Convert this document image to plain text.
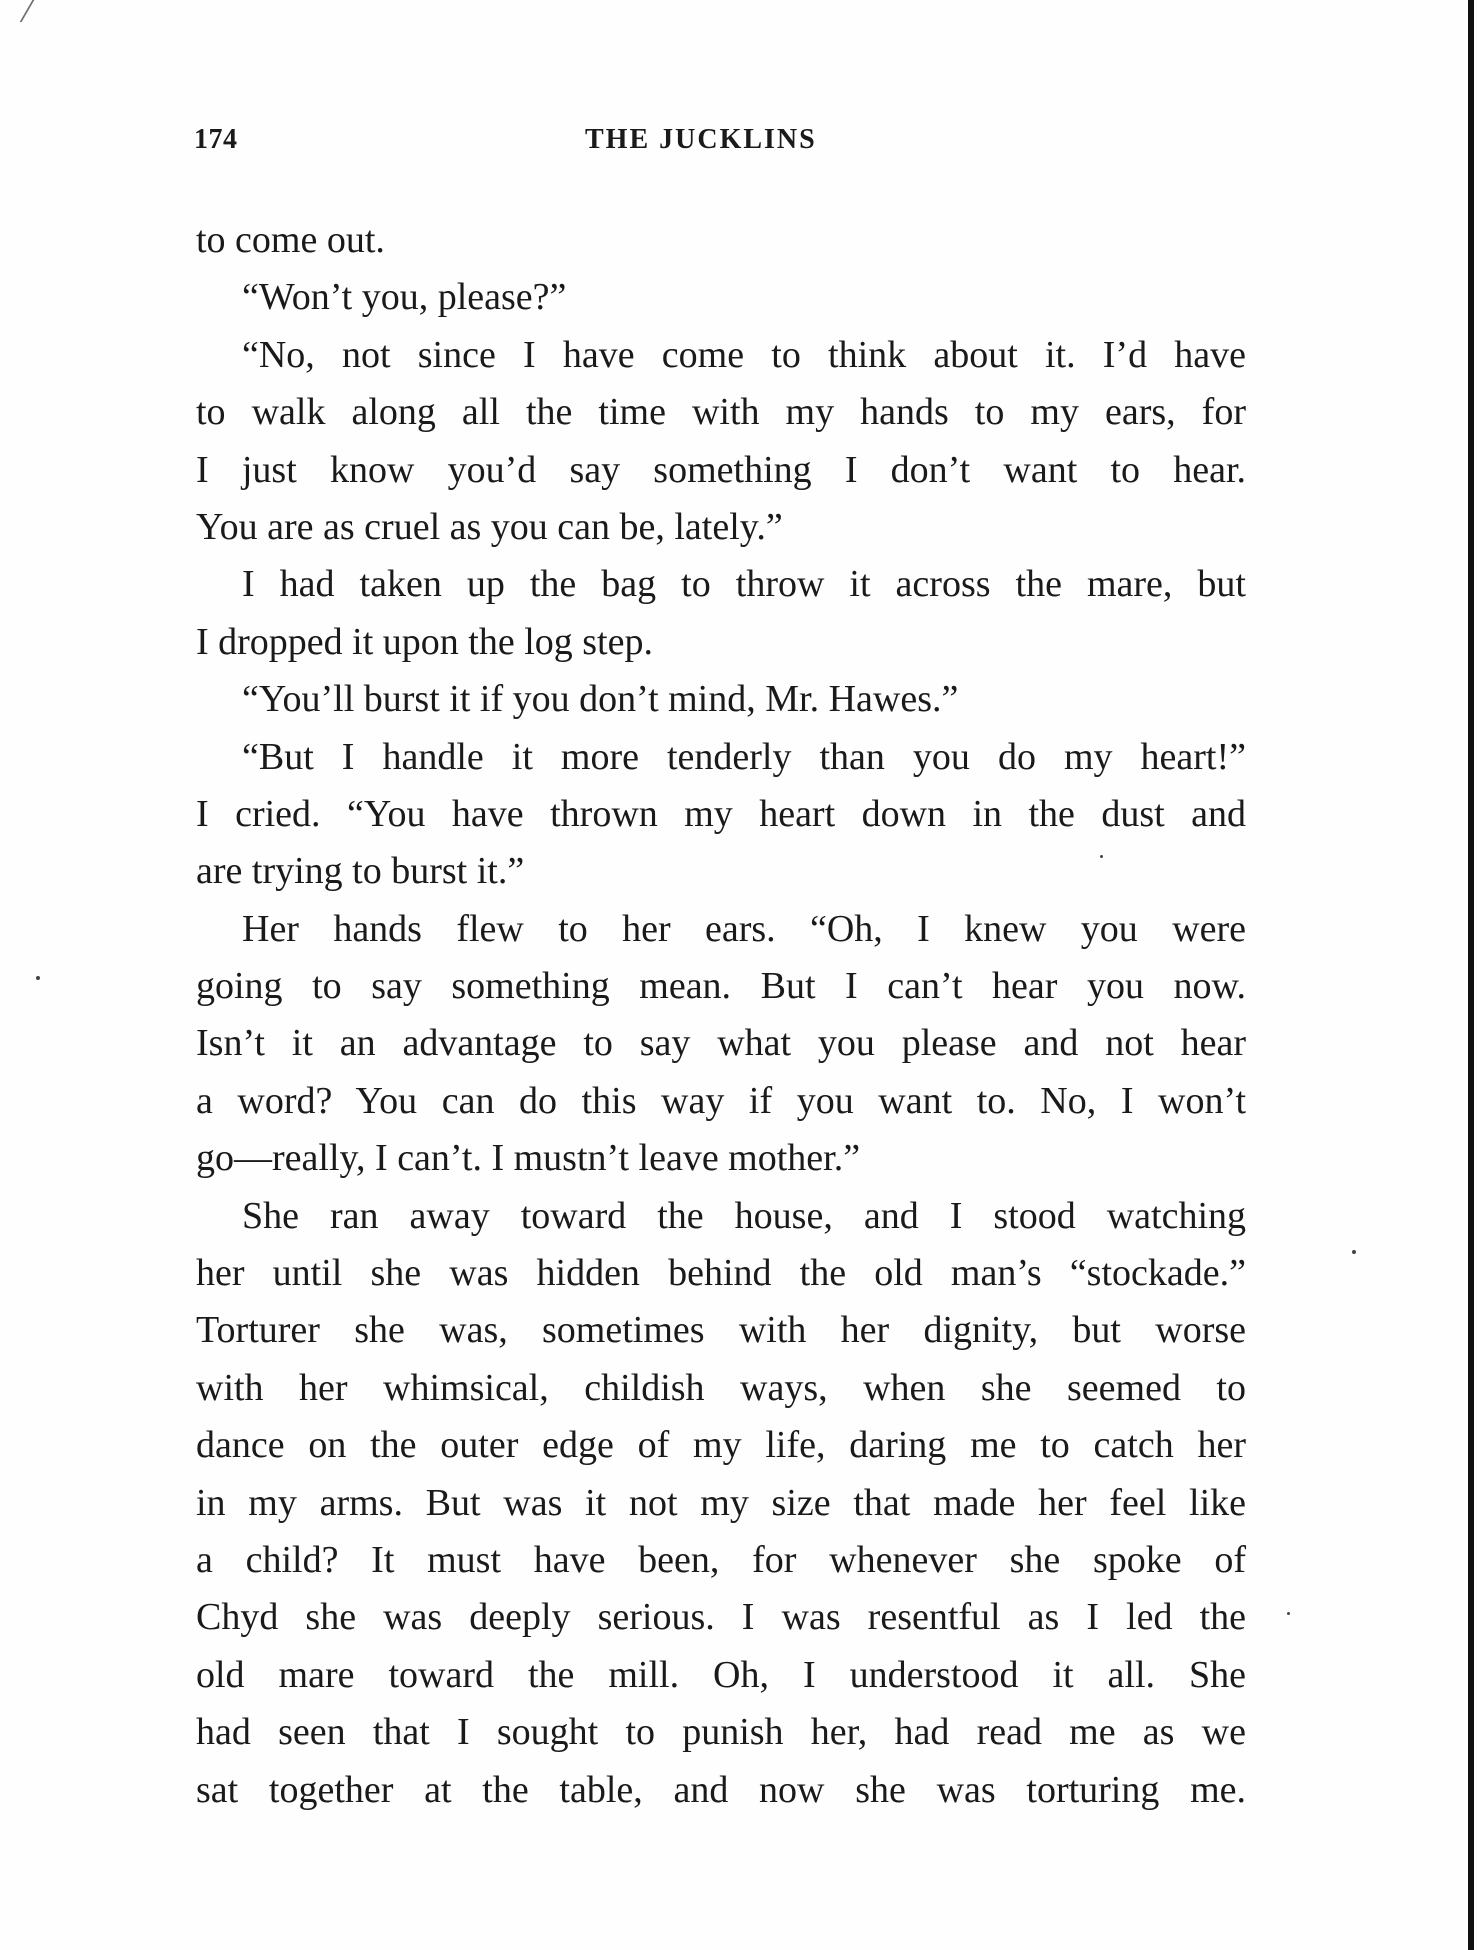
174	THE JUCKLINS
to come out.
“Won’t you, please?”
“No, not since I have come to think about it. I’d have
to walk along all the time with my hands to my ears, for
I just know you’d say something I don’t want to hear.
You are as cruel as you can be, lately.”
I had taken up the bag to throw it across the mare, but
I dropped it upon the log step.
“You’ll burst it if you don’t mind, Mr. Hawes.”
“But I handle it more tenderly than you do my heart!”
I cried. “You have thrown my heart down in the dust and
are trying to burst it.”
Her hands flew to her ears. “Oh, I knew you were
going to say something mean. But I can’t hear you now.
Isn’t it an advantage to say what you please and not hear
a word? You can do this way if you want to. No, I won’t
go—really, I can’t. I mustn’t leave mother.”
She ran away toward the house, and I stood watching
her until she was hidden behind the old man’s “stockade.”
Torturer she was, sometimes with her dignity, but worse
with her whimsical, childish ways, when she seemed to
dance on the outer edge of my life, daring me to catch her
in my arms. But was it not my size that made her feel like
a child? It must have been, for whenever she spoke of
Chyd she was deeply serious. I was resentful as I led the
old mare toward the mill. Oh, I understood it all. She
had seen that I sought to punish her, had read me as we
sat together at the table, and now she was torturing me.
